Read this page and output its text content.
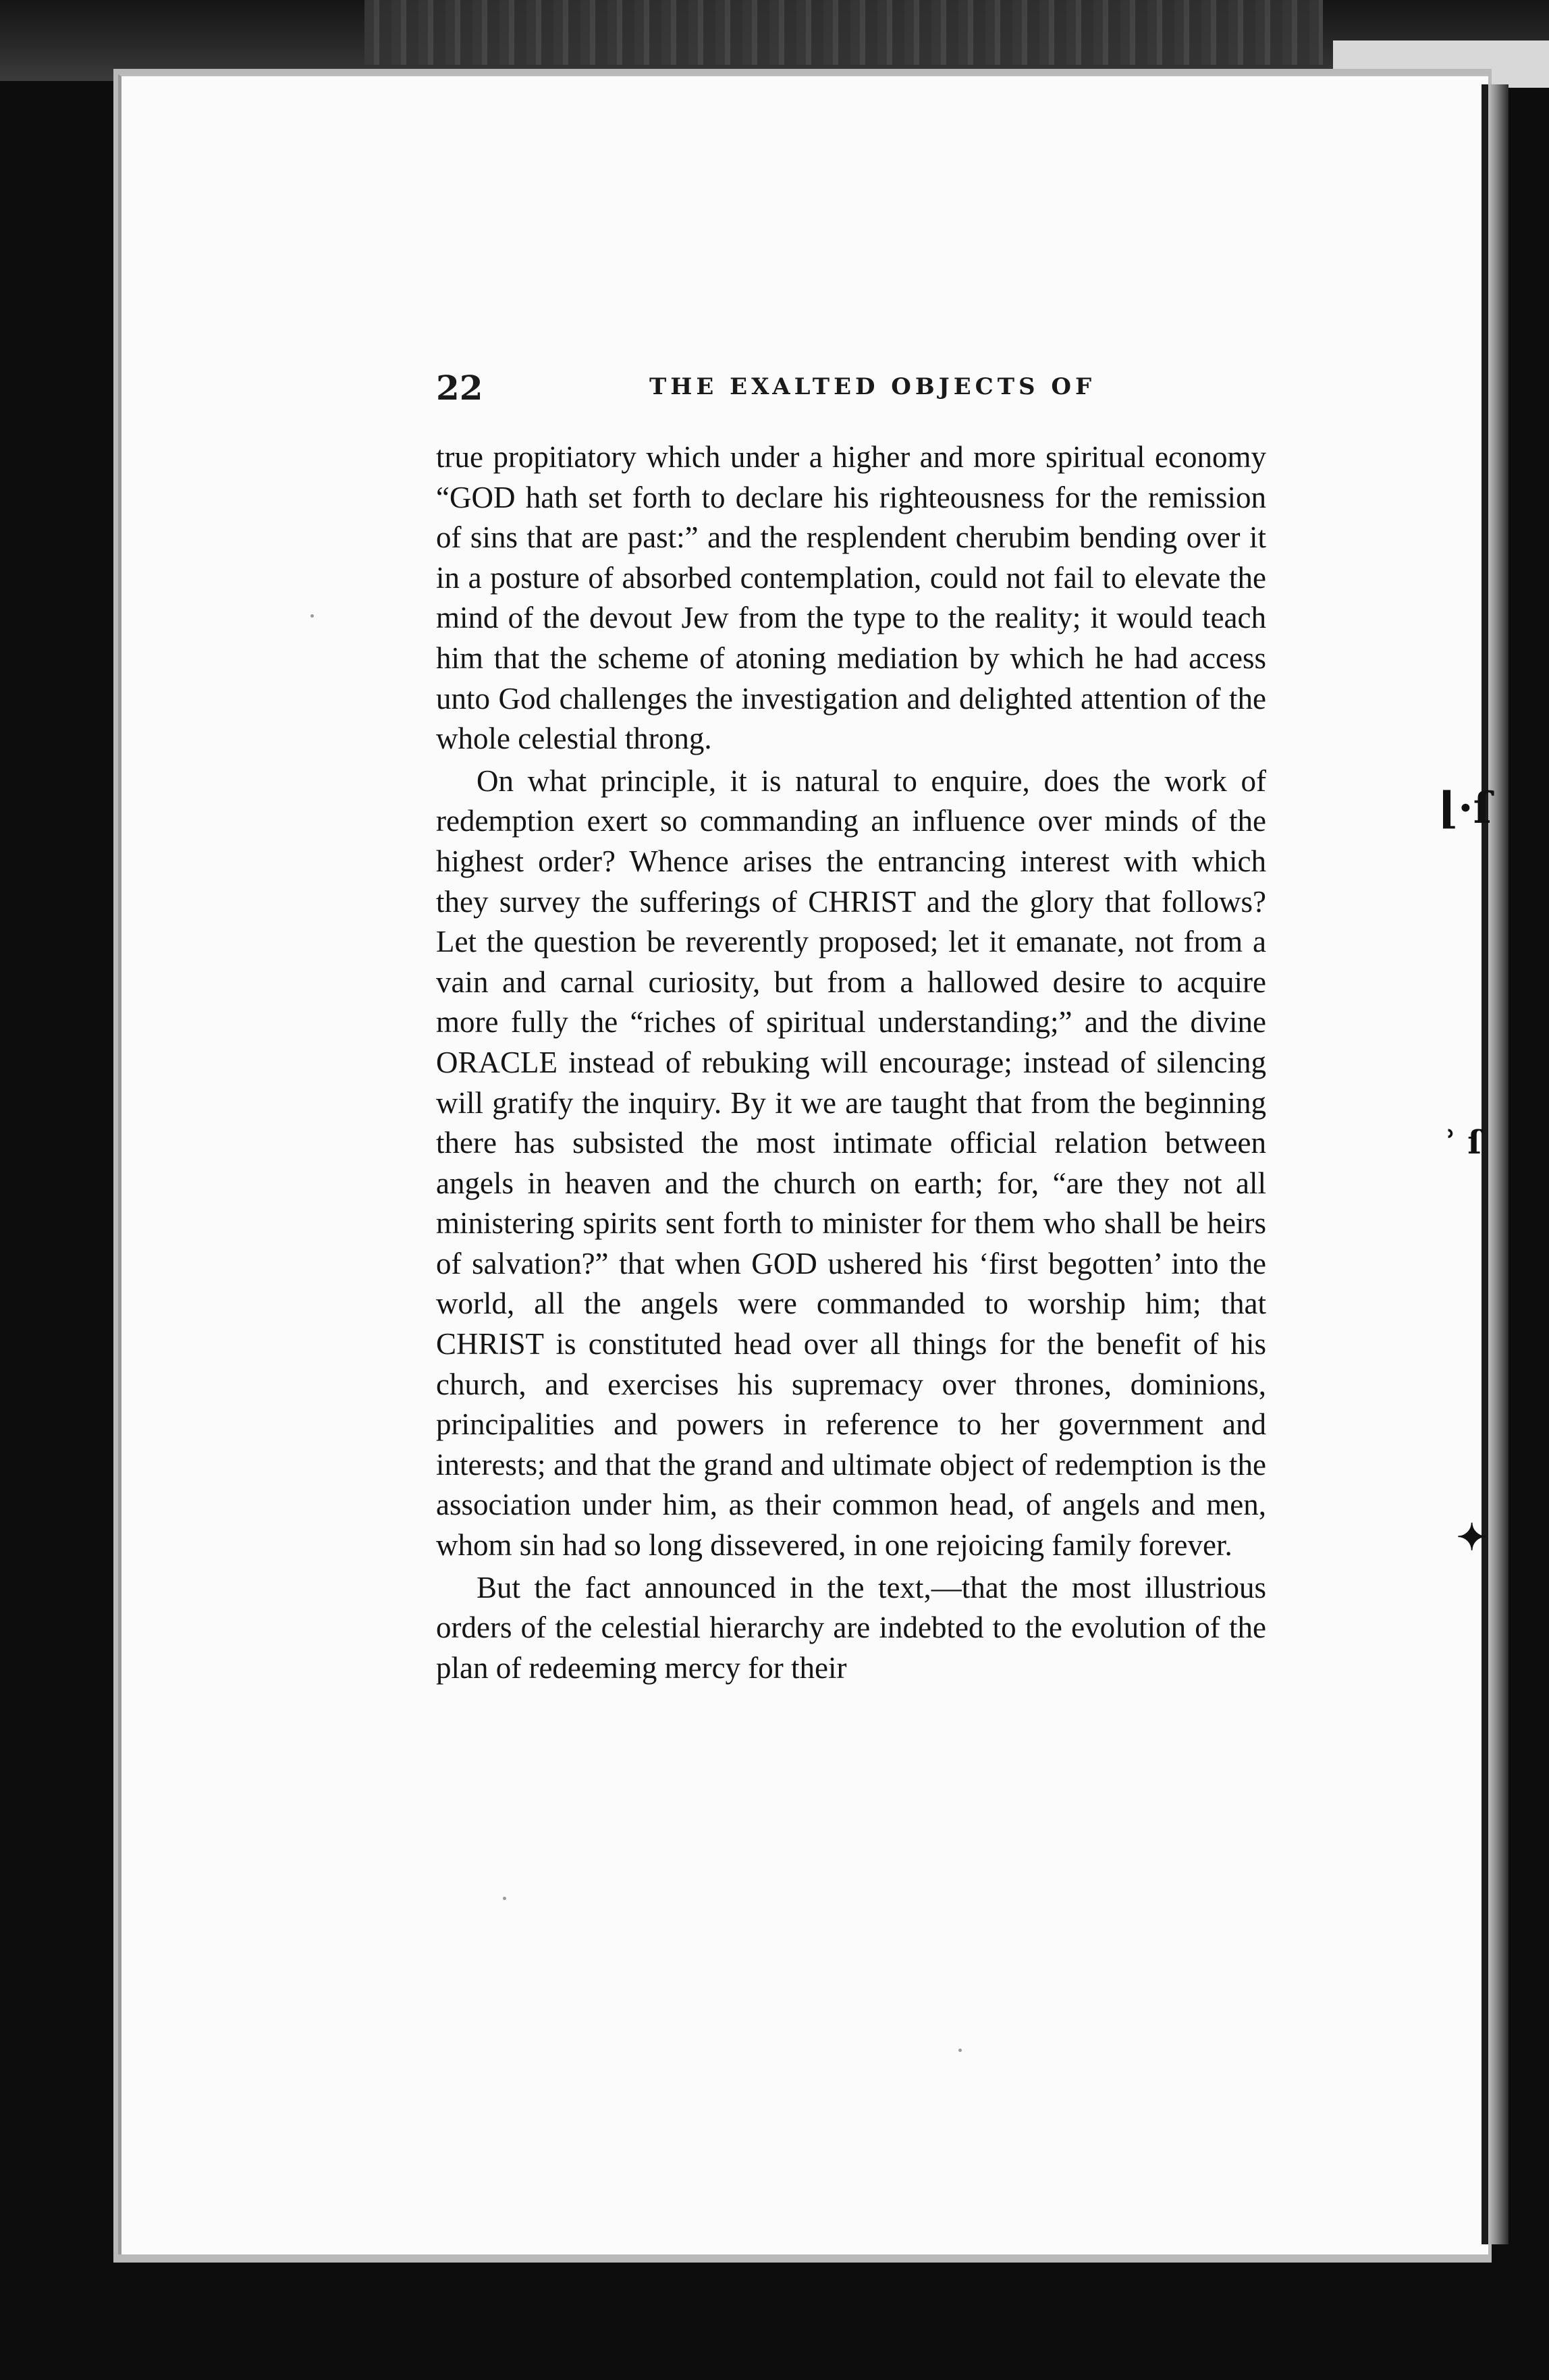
⌊·ſ
ʾ ſ
✦
22	THE EXALTED OBJECTS OF

true propitiatory which under a higher and more spiritual economy “GOD hath set forth to declare his righteousness for the remission of sins that are past:” and the resplendent cherubim bending over it in a posture of absorbed contemplation, could not fail to elevate the mind of the devout Jew from the type to the reality; it would teach him that the scheme of atoning mediation by which he had access unto God challenges the investigation and delighted attention of the whole celestial throng.

On what principle, it is natural to enquire, does the work of redemption exert so commanding an influence over minds of the highest order? Whence arises the entrancing interest with which they survey the sufferings of CHRIST and the glory that follows? Let the question be reverently proposed; let it emanate, not from a vain and carnal curiosity, but from a hallowed desire to acquire more fully the “riches of spiritual understanding;” and the divine ORACLE instead of rebuking will encourage; instead of silencing will gratify the inquiry. By it we are taught that from the beginning there has subsisted the most intimate official relation between angels in heaven and the church on earth; for, “are they not all ministering spirits sent forth to minister for them who shall be heirs of salvation?” that when GOD ushered his ‘first begotten’ into the world, all the angels were commanded to worship him; that CHRIST is constituted head over all things for the benefit of his church, and exercises his supremacy over thrones, dominions, principalities and powers in reference to her government and interests; and that the grand and ultimate object of redemption is the association under him, as their common head, of angels and men, whom sin had so long dissevered, in one rejoicing family forever.

But the fact announced in the text,—that the most illustrious orders of the celestial hierarchy are indebted to the evolution of the plan of redeeming mercy for their
